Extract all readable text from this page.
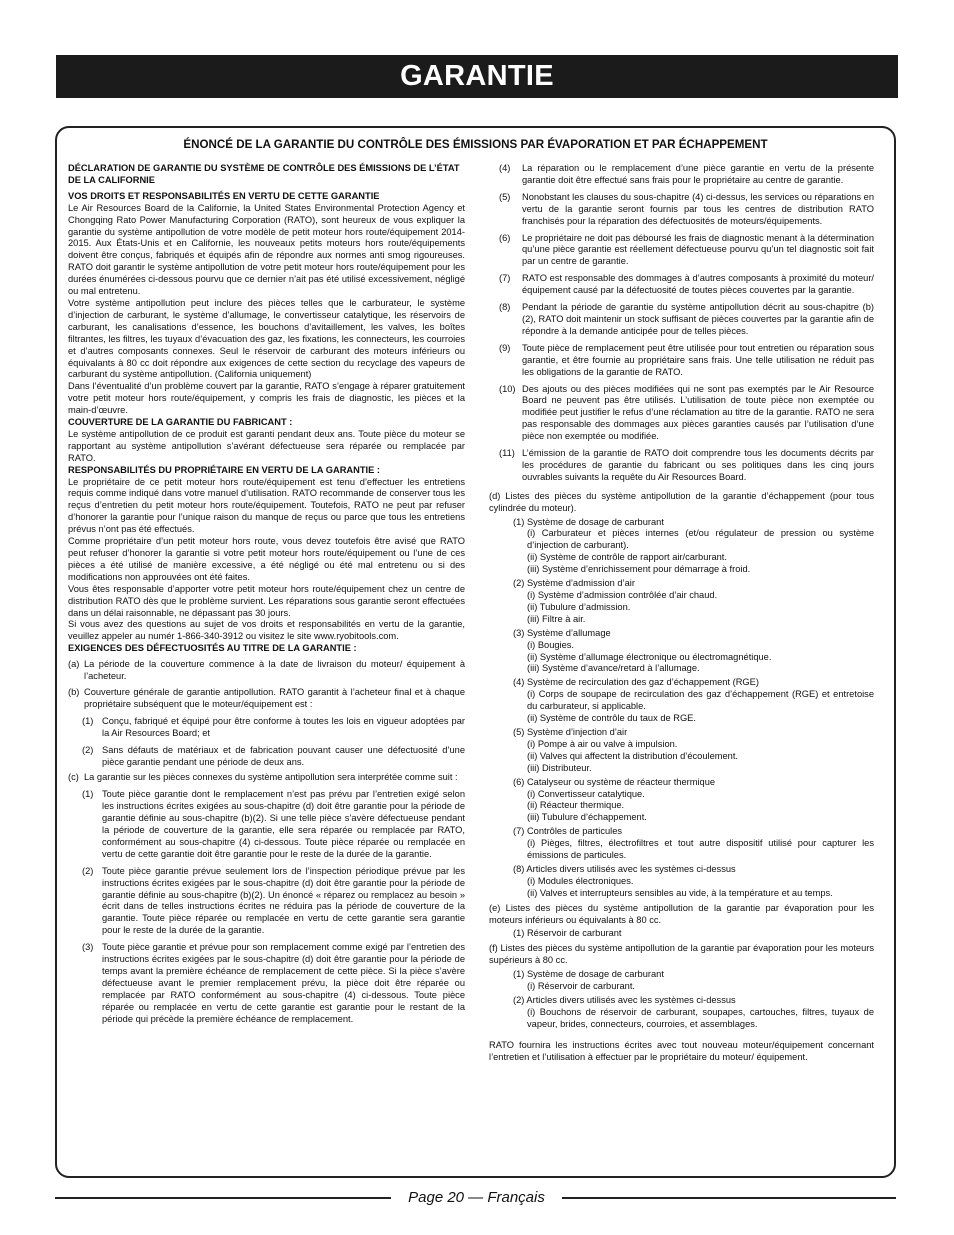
GARANTIE
ÉNONCÉ DE LA GARANTIE DU CONTRÔLE DES ÉMISSIONS PAR ÉVAPORATION ET PAR ÉCHAPPEMENT

DÉCLARATION DE GARANTIE DU SYSTÈME DE CONTRÔLE DES ÉMISSIONS DE L’ÉTAT DE LA CALIFORNIE

VOS DROITS ET RESPONSABILITÉS EN VERTU DE CETTE GARANTIE

Le Air Resources Board de la Californie, la United States Environmental Protection Agency et Chongqing Rato Power Manufacturing Corporation (RATO), sont heureux de vous expliquer la garantie du système antipollution de votre modèle de petit moteur hors route/équipement 2014-2015. Aux États-Unis et en Californie, les nouveaux petits moteurs hors route/équipements doivent être conçus, fabriqués et équipés afin de répondre aux normes anti smog rigoureuses. RATO doit garantir le système antipollution de votre petit moteur hors route/équipement pour les durées énumérées ci-dessous pourvu que ce dernier n’ait pas été utilisé excessivement, négligé ou mal entretenu.

Votre système antipollution peut inclure des pièces telles que le carburateur, le système d’injection de carburant, le système d’allumage, le convertisseur catalytique, les réservoirs de carburant, les canalisations d’essence, les bouchons d’avitaillement, les valves, les boîtes filtrantes, les filtres, les tuyaux d’évacuation des gaz, les fixations, les connecteurs, les courroies et d’autres composants connexes. Seul le réservoir de carburant des moteurs inférieurs ou équivalants à 80 cc doit répondre aux exigences de cette section du recyclage des vapeurs de carburant du système antipollution. (California uniquement)

Dans l’éventualité d’un problème couvert par la garantie, RATO s’engage à réparer gratuitement votre petit moteur hors route/équipement, y compris les frais de diagnostic, les pièces et la main-d’œuvre.

COUVERTURE DE LA GARANTIE DU FABRICANT :

Le système antipollution de ce produit est garanti pendant deux ans. Toute pièce du moteur se rapportant au système antipollution s’avérant défectueuse sera réparée ou remplacée par RATO.

RESPONSABILITÉS DU PROPRIÉTAIRE EN VERTU DE LA GARANTIE :

Le propriétaire de ce petit moteur hors route/équipement est tenu d’effectuer les entretiens requis comme indiqué dans votre manuel d’utilisation. RATO recommande de conserver tous les reçus d’entretien du petit moteur hors route/équipement. Toutefois, RATO ne peut par refuser d’honorer la garantie pour l’unique raison du manque de reçus ou parce que tous les entretiens prévus n’ont pas été effectués.

Comme propriétaire d’un petit moteur hors route, vous devez toutefois être avisé que RATO peut refuser d’honorer la garantie si votre petit moteur hors route/équipement ou l’une de ces pièces a été utilisé de manière excessive, a été négligé ou été mal entretenu ou si des modifications non approuvées ont été faites.

Vous êtes responsable d’apporter votre petit moteur hors route/équipement chez un centre de distribution RATO dès que le problème survient. Les réparations sous garantie seront effectuées dans un délai raisonnable, ne dépassant pas 30 jours.

Si vous avez des questions au sujet de vos droits et responsabilités en vertu de la garantie, veuillez appeler au numér 1-866-340-3912 ou visitez le site www.ryobitools.com.

EXIGENCES DES DÉFECTUOSITÉS AU TITRE DE LA GARANTIE :

(a) La période de la couverture commence à la date de livraison du moteur/ équipement à l’acheteur.
(b) Couverture générale de garantie antipollution. RATO garantit à l’acheteur final et à chaque propriétaire subséquent que le moteur/équipement est :
(1) Conçu, fabriqué et équipé pour être conforme à toutes les lois en vigueur adoptées par la Air Resources Board; et
(2) Sans défauts de matériaux et de fabrication pouvant causer une défectuosité d’une pièce garantie pendant une période de deux ans.
(c) La garantie sur les pièces connexes du système antipollution sera interprétée comme suit :
(1) Toute pièce garantie dont le remplacement n’est pas prévu par l’entretien exigé selon les instructions écrites exigées au sous-chapitre (d) doit être garantie pour la période de garantie définie au sous-chapitre (b)(2). Si une telle pièce s’avère défectueuse pendant la période de couverture de la garantie, elle sera réparée ou remplacée par RATO, conformément au sous-chapitre (4) ci-dessous. Toute pièce réparée ou remplacée en vertu de cette garantie doit être garantie pour le reste de la durée de la garantie.
(2) Toute pièce garantie prévue seulement lors de l’inspection périodique prévue par les instructions écrites exigées par le sous-chapitre (d) doit être garantie pour la période de garantie définie au sous-chapitre (b)(2). Un énoncé « réparez ou remplacez au besoin » écrit dans de telles instructions écrites ne réduira pas la période de couverture de la garantie. Toute pièce réparée ou remplacée en vertu de cette garantie sera garantie pour le reste de la durée de la garantie.
(3) Toute pièce garantie et prévue pour son remplacement comme exigé par l’entretien des instructions écrites exigées par le sous-chapitre (d) doit être garantie pour la période de temps avant la première échéance de remplacement de cette pièce. Si la pièce s’avère défectueuse avant le premier remplacement prévu, la pièce doit être réparée ou remplacée par RATO conformément au sous-chapitre (4) ci-dessous. Toute pièce réparée ou remplacée en vertu de cette garantie est garantie pour le restant de la période qui précède la première échéance de remplacement.
(4)	La réparation ou le remplacement d’une pièce garantie en vertu de la présente garantie doit être effectué sans frais pour le propriétaire au centre de garantie.
(5)	Nonobstant les clauses du sous-chapitre (4) ci-dessus, les services ou réparations en vertu de la garantie seront fournis par tous les centres de distribution RATO franchisés pour la réparation des défectuosités de moteurs/équipements.
(6)	Le propriétaire ne doit pas déboursé les frais de diagnostic menant à la détermination qu’une pièce garantie est réellement défectueuse pourvu qu’un tel diagnostic soit fait par un centre de garantie.
(7)	RATO est responsable des dommages à d’autres composants à proximité du moteur/équipement causé par la défectuosité de toutes pièces couvertes par la garantie.
(8)	Pendant la période de garantie du système antipollution décrit au sous-chapitre (b)(2), RATO doit maintenir un stock suffisant de pièces couvertes par la garantie afin de répondre à la demande anticipée pour de telles pièces.
(9)	Toute pièce de remplacement peut être utilisée pour tout entretien ou réparation sous garantie, et être fournie au propriétaire sans frais. Une telle utilisation ne réduit pas les obligations de la garantie de RATO.
(10) Des ajouts ou des pièces modifiées qui ne sont pas exemptés par le Air Resource Board ne peuvent pas être utilisés. L’utilisation de toute pièce non exemptée ou modifiée peut justifier le refus d’une réclamation au titre de la garantie. RATO ne sera pas responsable des dommages aux pièces garanties causés par l’utilisation d’une pièce non exemptée ou modifiée.
(11) L’émission de la garantie de RATO doit comprendre tous les documents décrits par les procédures de garantie du fabricant ou ses politiques dans les cinq jours ouvrables suivants la requête du Air Resources Board.

(d) Listes des pièces du système antipollution de la garantie d’échappement (pour tous cylindrée du moteur).

(1) Système de dosage de carburant

(i) Carburateur et pièces internes (et/ou régulateur de pression ou système d’injection de carburant).

(ii) Système de contrôle de rapport air/carburant.

(iii) Système d’enrichissement pour démarrage à froid.

(2) Système d’admission d’air

(i) Système d’admission contrôlée d’air chaud.

(ii) Tubulure d’admission.

(iii) Filtre à air.

(3) Système d’allumage

(i) Bougies.

(ii) Système d’allumage électronique ou électromagnétique.

(iii) Système d’avance/retard à l’allumage.

(4) Système de recirculation des gaz d’échappement (RGE)

(i) Corps de soupape de recirculation des gaz d’échappement (RGE) et entretoise du carburateur, si applicable.

(ii) Système de contrôle du taux de RGE.

(5) Système d’injection d’air

(i) Pompe à air ou valve à impulsion.

(ii) Valves qui affectent la distribution d’écoulement.

(iii) Distributeur.

(6) Catalyseur ou système de réacteur thermique

(i) Convertisseur catalytique.

(ii) Réacteur thermique.

(iii) Tubulure d’échappement.

(7) Contrôles de particules

(i) Pièges, filtres, électrofiltres et tout autre dispositif utilisé pour capturer les émissions de particules.

(8) Articles divers utilisés avec les systèmes ci-dessus

(i) Modules électroniques.

(ii) Valves et interrupteurs sensibles au vide, à la température et au temps.

(e) Listes des pièces du système antipollution de la garantie par évaporation pour les moteurs inférieurs ou équivalants à 80 cc.

(1) Réservoir de carburant

(f) Listes des pièces du système antipollution de la garantie par évaporation pour les moteurs supérieurs à 80 cc.

(1) Système de dosage de carburant

(i) Réservoir de carburant.

(2) Articles divers utilisés avec les systèmes ci-dessus

(i) Bouchons de réservoir de carburant, soupapes, cartouches, filtres, tuyaux de vapeur, brides, connecteurs, courroies, et assemblages.

RATO fournira les instructions écrites avec tout nouveau moteur/équipement concernant l’entretien et l’utilisation à effectuer par le propriétaire du moteur/ équipement.

Page 20 — Français
